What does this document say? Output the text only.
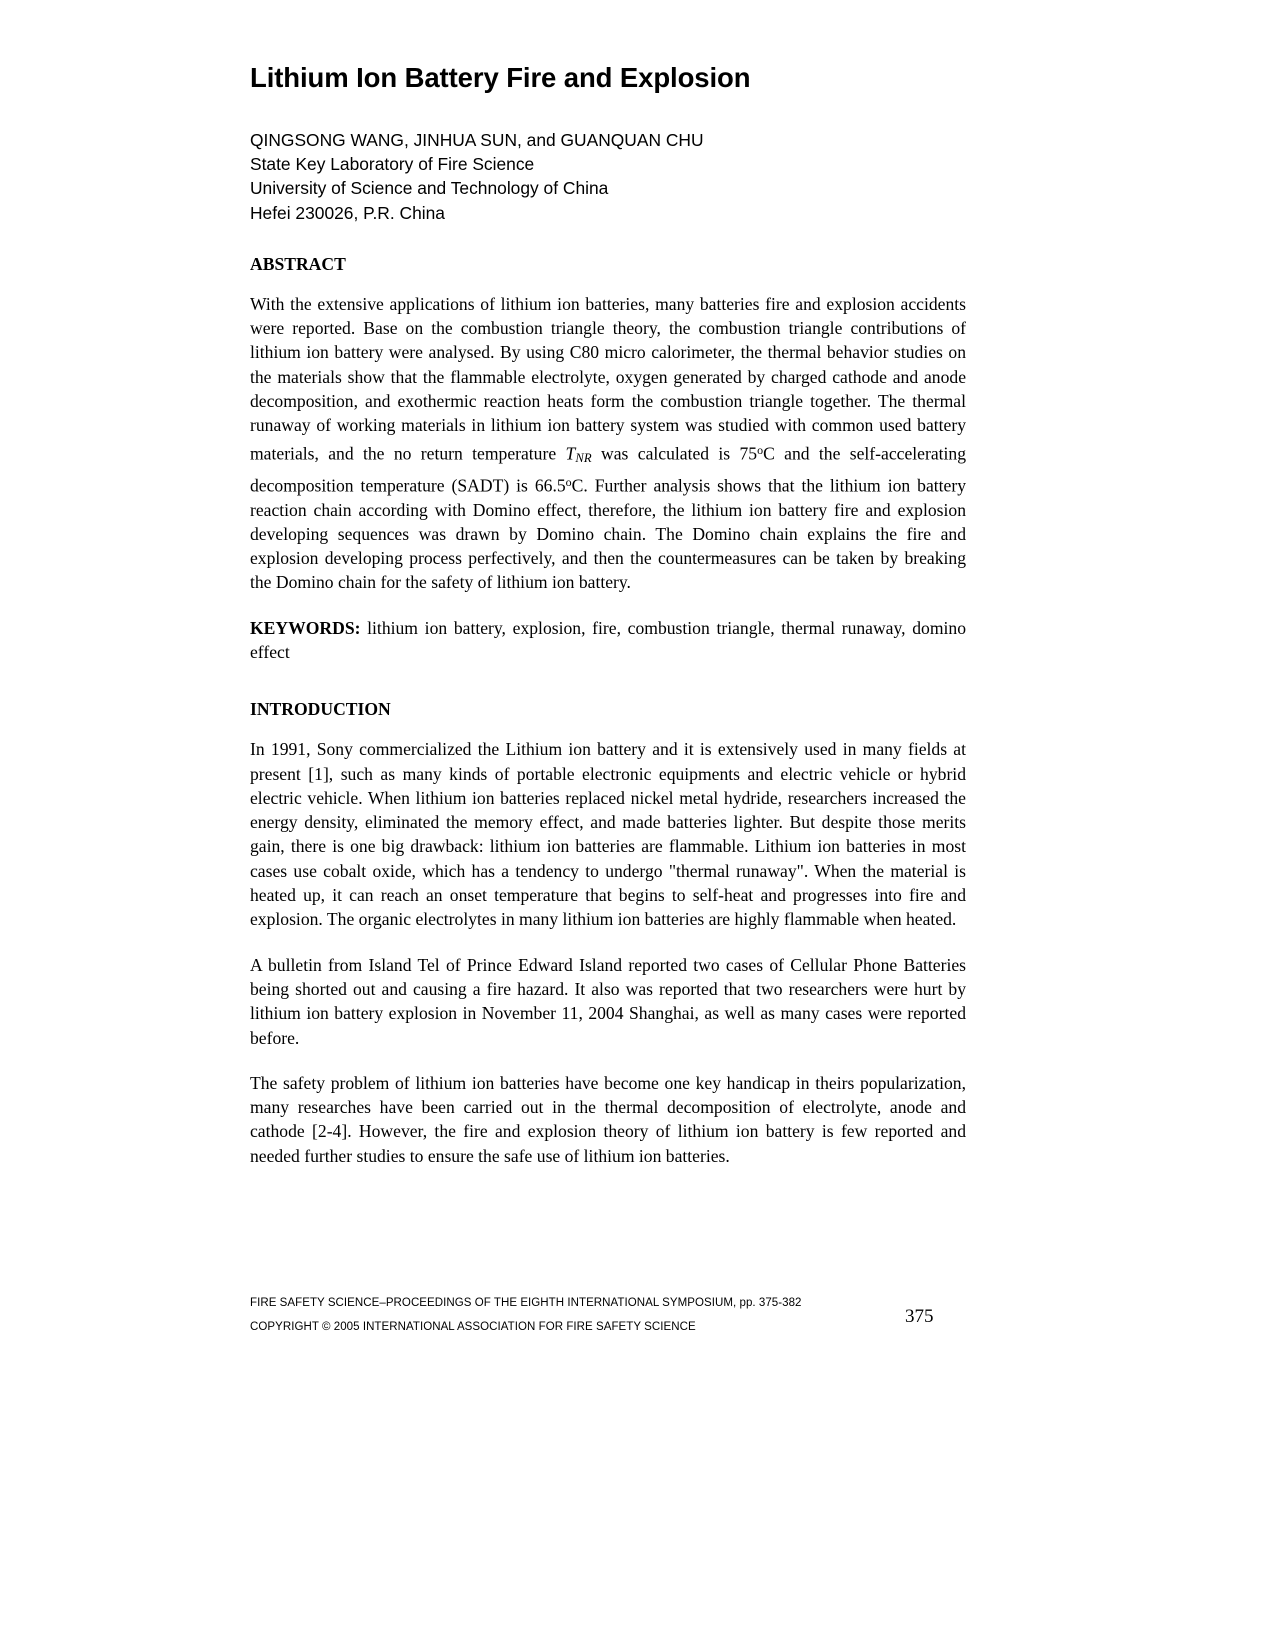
Lithium Ion Battery Fire and Explosion
QINGSONG WANG, JINHUA SUN, and GUANQUAN CHU
State Key Laboratory of Fire Science
University of Science and Technology of China
Hefei 230026, P.R. China
ABSTRACT

With the extensive applications of lithium ion batteries, many batteries fire and explosion accidents were reported. Base on the combustion triangle theory, the combustion triangle contributions of lithium ion battery were analysed. By using C80 micro calorimeter, the thermal behavior studies on the materials show that the flammable electrolyte, oxygen generated by charged cathode and anode decomposition, and exothermic reaction heats form the combustion triangle together. The thermal runaway of working materials in lithium ion battery system was studied with common used battery materials, and the no return temperature $T_{NR}$ was calculated is 75$^o$C and the self-accelerating decomposition temperature (SADT) is 66.5$^o$C. Further analysis shows that the lithium ion battery reaction chain according with Domino effect, therefore, the lithium ion battery fire and explosion developing sequences was drawn by Domino chain. The Domino chain explains the fire and explosion developing process perfectively, and then the countermeasures can be taken by breaking the Domino chain for the safety of lithium ion battery.

KEYWORDS: lithium ion battery, explosion, fire, combustion triangle, thermal runaway, domino effect

INTRODUCTION

In 1991, Sony commercialized the Lithium ion battery and it is extensively used in many fields at present [1], such as many kinds of portable electronic equipments and electric vehicle or hybrid electric vehicle. When lithium ion batteries replaced nickel metal hydride, researchers increased the energy density, eliminated the memory effect, and made batteries lighter. But despite those merits gain, there is one big drawback: lithium ion batteries are flammable. Lithium ion batteries in most cases use cobalt oxide, which has a tendency to undergo "thermal runaway". When the material is heated up, it can reach an onset temperature that begins to self-heat and progresses into fire and explosion. The organic electrolytes in many lithium ion batteries are highly flammable when heated.

A bulletin from Island Tel of Prince Edward Island reported two cases of Cellular Phone Batteries being shorted out and causing a fire hazard. It also was reported that two researchers were hurt by lithium ion battery explosion in November 11, 2004 Shanghai, as well as many cases were reported before.

The safety problem of lithium ion batteries have become one key handicap in theirs popularization, many researches have been carried out in the thermal decomposition of electrolyte, anode and cathode [2-4]. However, the fire and explosion theory of lithium ion battery is few reported and needed further studies to ensure the safe use of lithium ion batteries.

FIRE SAFETY SCIENCE–PROCEEDINGS OF THE EIGHTH INTERNATIONAL SYMPOSIUM, pp. 375-382
COPYRIGHT © 2005 INTERNATIONAL ASSOCIATION FOR FIRE SAFETY SCIENCE	375
